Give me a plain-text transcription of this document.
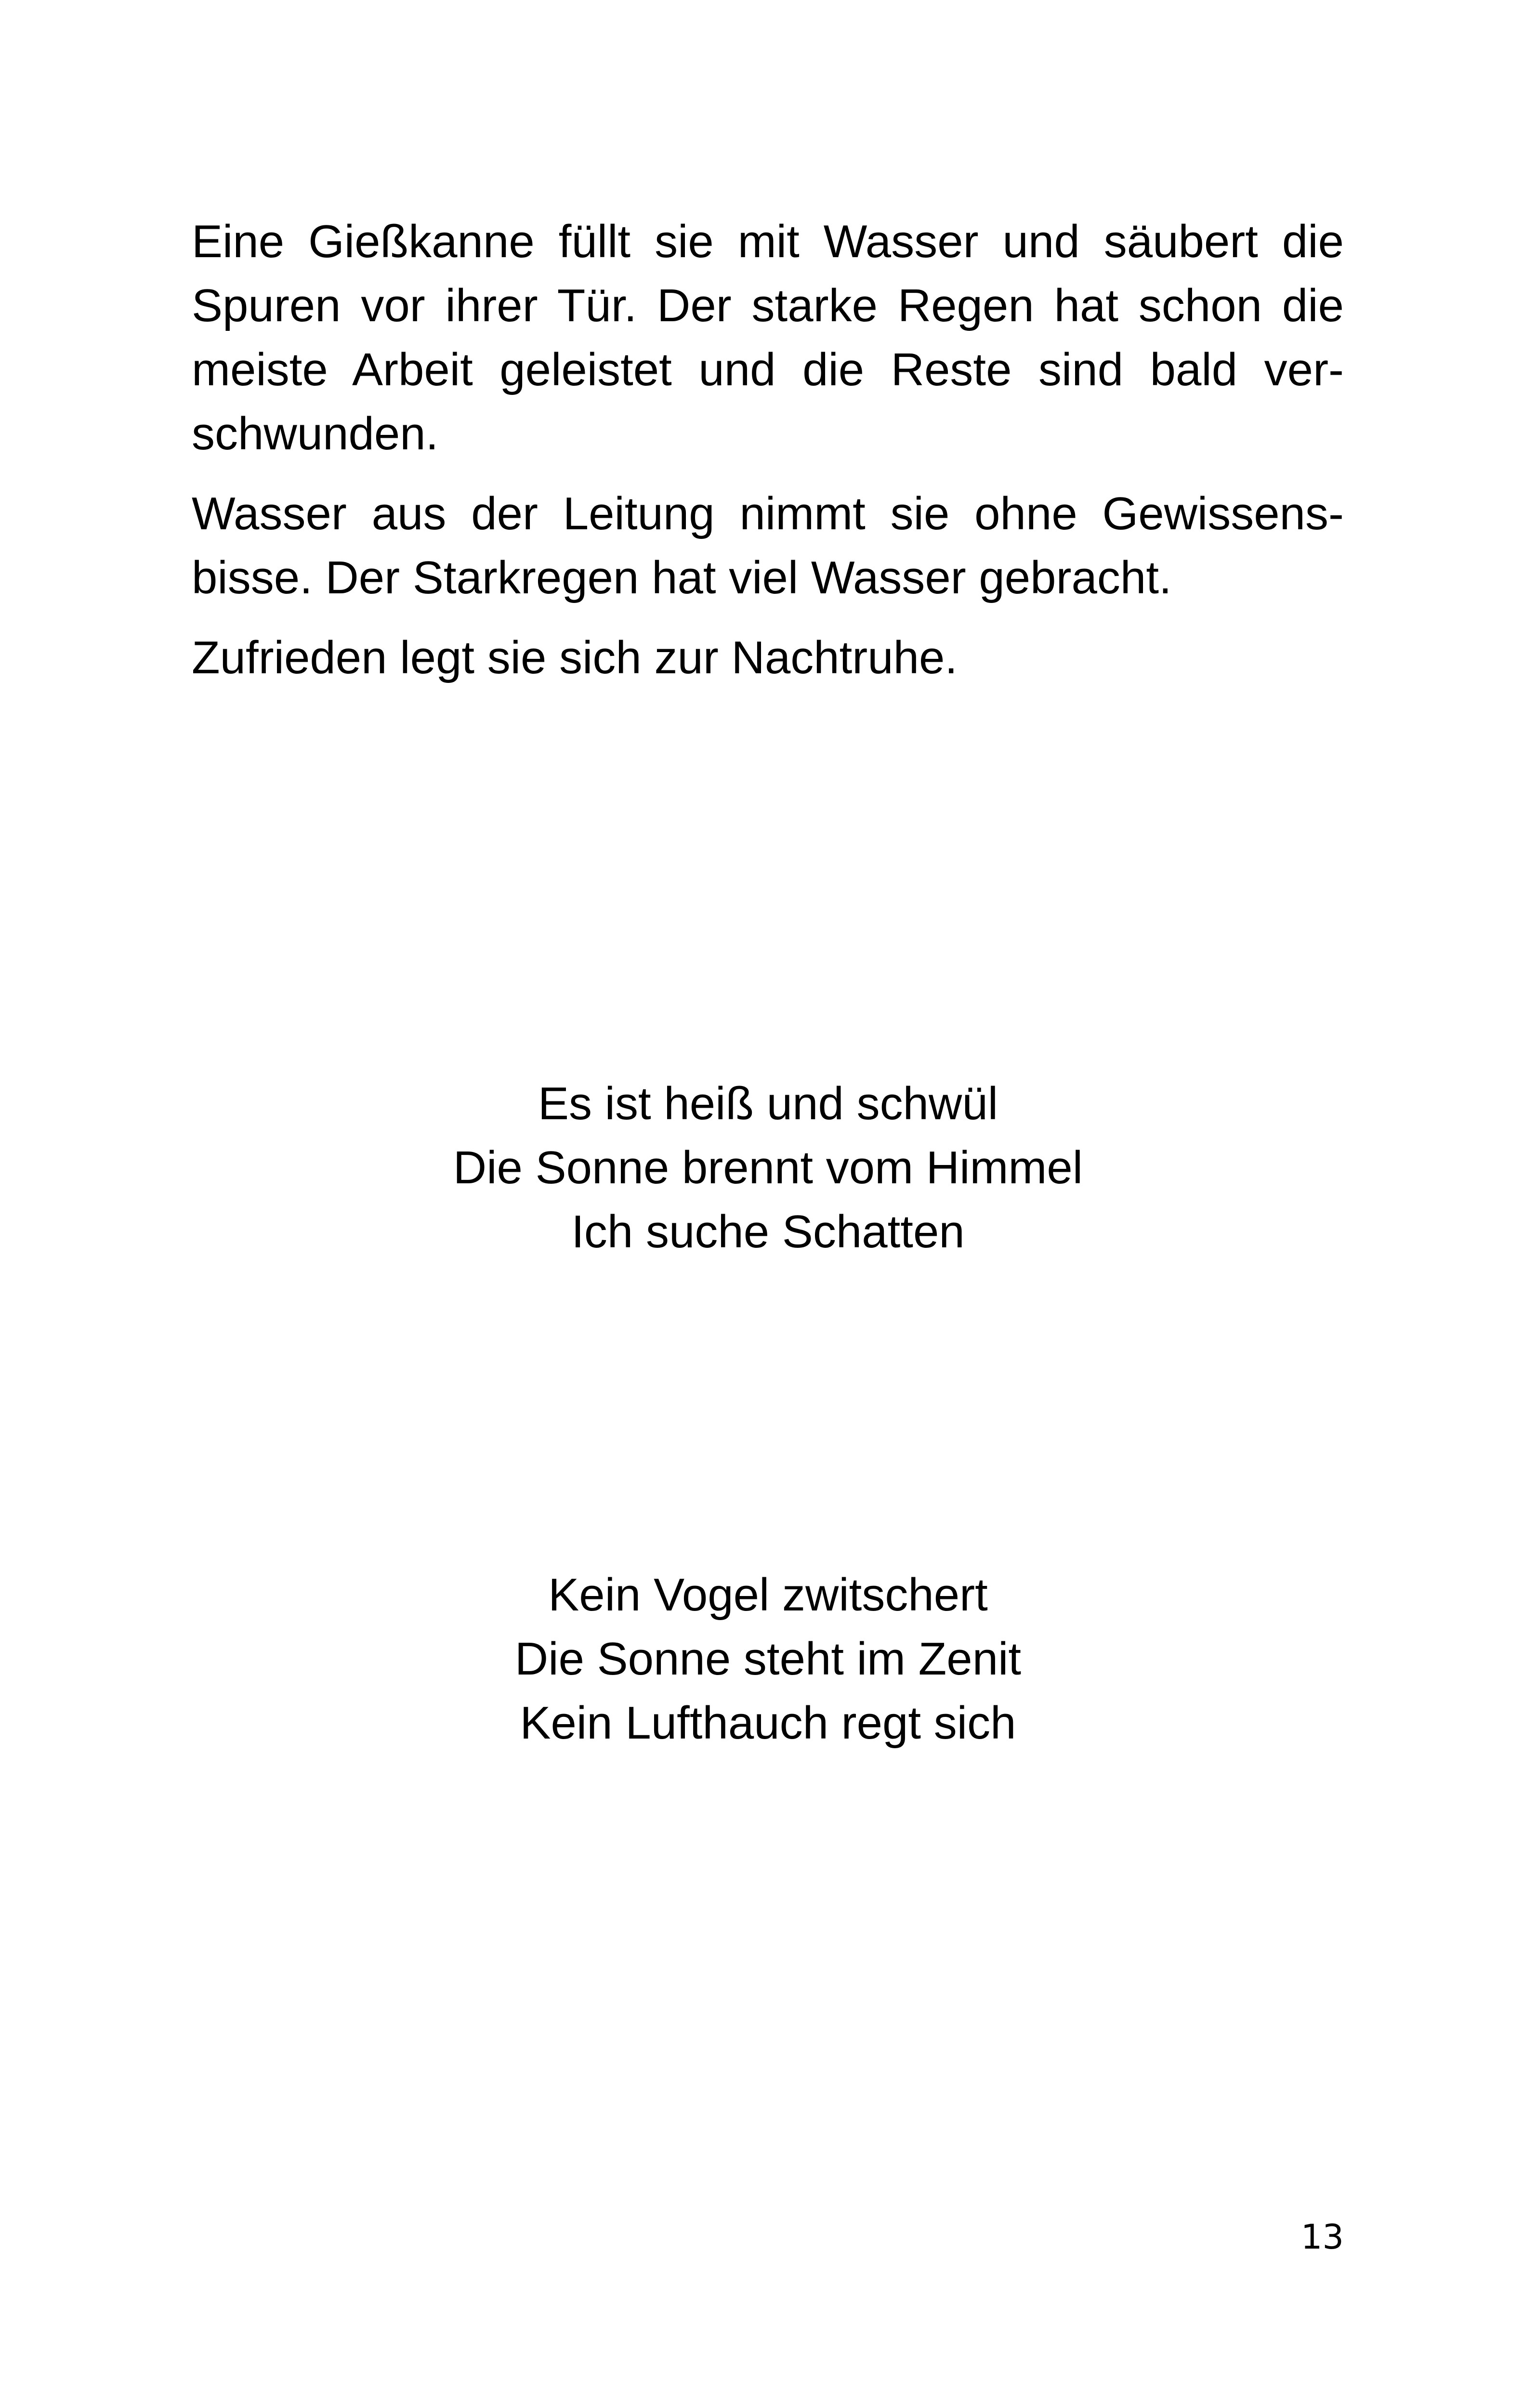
Eine Gießkanne füllt sie mit Wasser und säubert die Spuren vor ihrer Tür. Der starke Regen hat schon die meiste Arbeit geleistet und die Reste sind bald ver-schwunden.

Wasser aus der Leitung nimmt sie ohne Gewissens-bisse. Der Starkregen hat viel Wasser gebracht.

Zufrieden legt sie sich zur Nachtruhe.

Es ist heiß und schwül
Die Sonne brennt vom Himmel
Ich suche Schatten
Kein Vogel zwitschert
Die Sonne steht im Zenit
Kein Lufthauch regt sich
13
